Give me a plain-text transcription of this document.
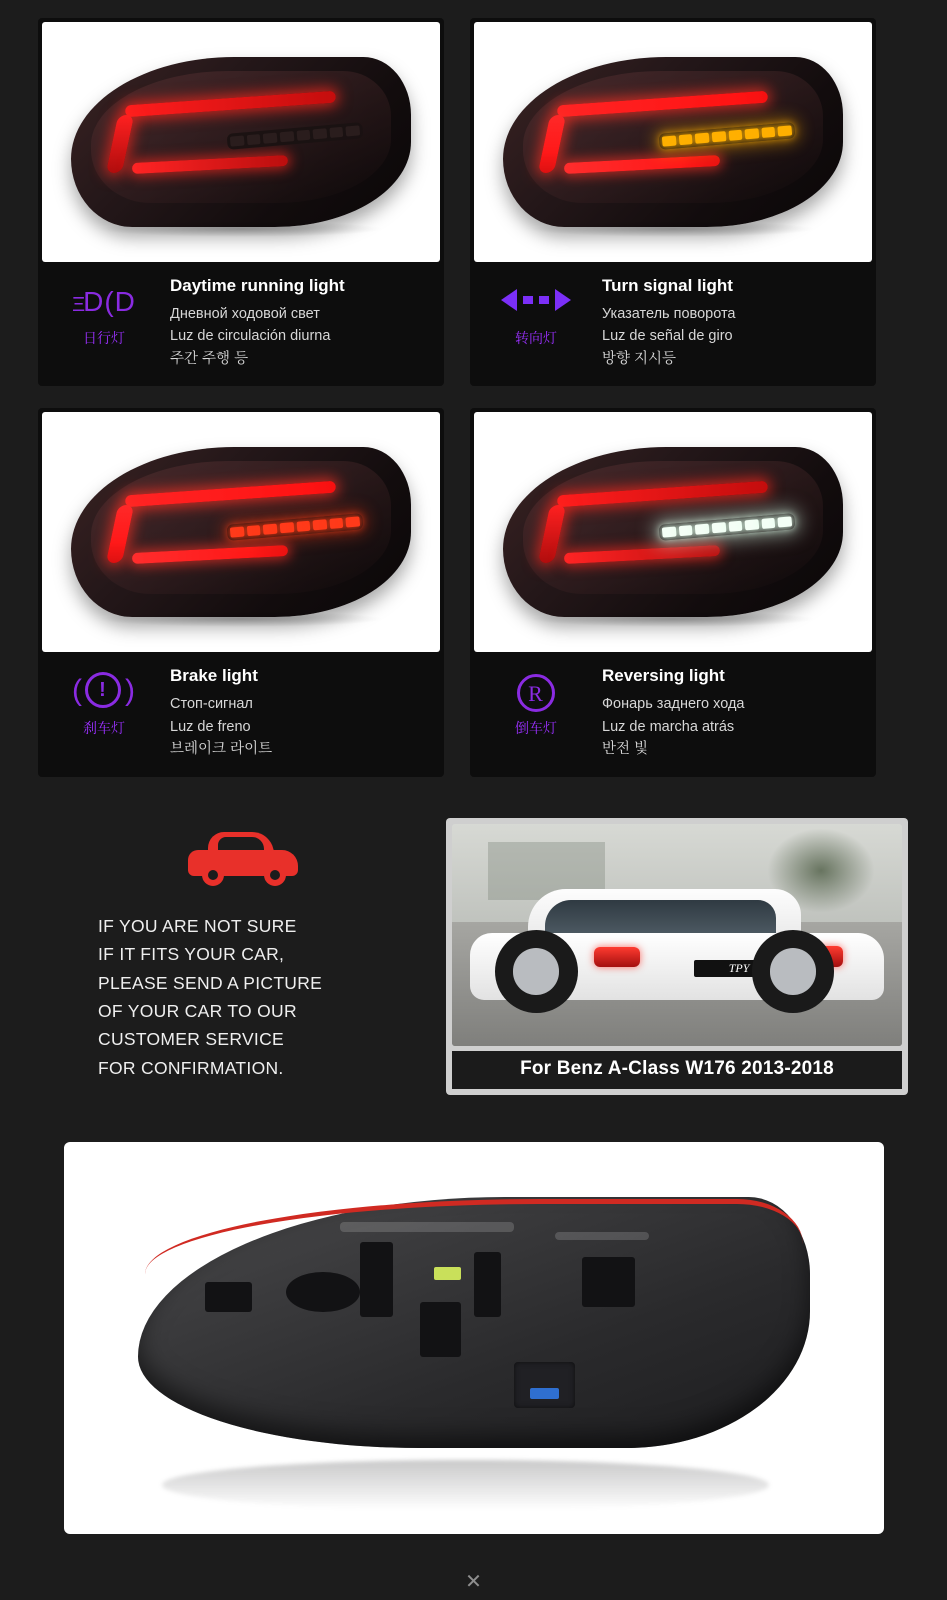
ΞD(D
日行灯
Daytime running light
Дневной ходовой свет
Luz de circulación diurna
주간 주행 등
转向灯
Turn signal light
Указатель поворота
Luz de señal de giro
방향 지시등
( ! )
刹车灯
Brake light
Стоп-сигнал
Luz de freno
브레이크 라이트
R
倒车灯
Reversing light
Фонарь заднего хода
Luz de marcha atrás
반전 빛
IF YOU ARE NOT SURE
IF IT FITS YOUR CAR,
PLEASE SEND A PICTURE
OF YOUR CAR TO OUR
CUSTOMER SERVICE
FOR CONFIRMATION.
TPY
For Benz A-Class W176 2013-2018
✕
